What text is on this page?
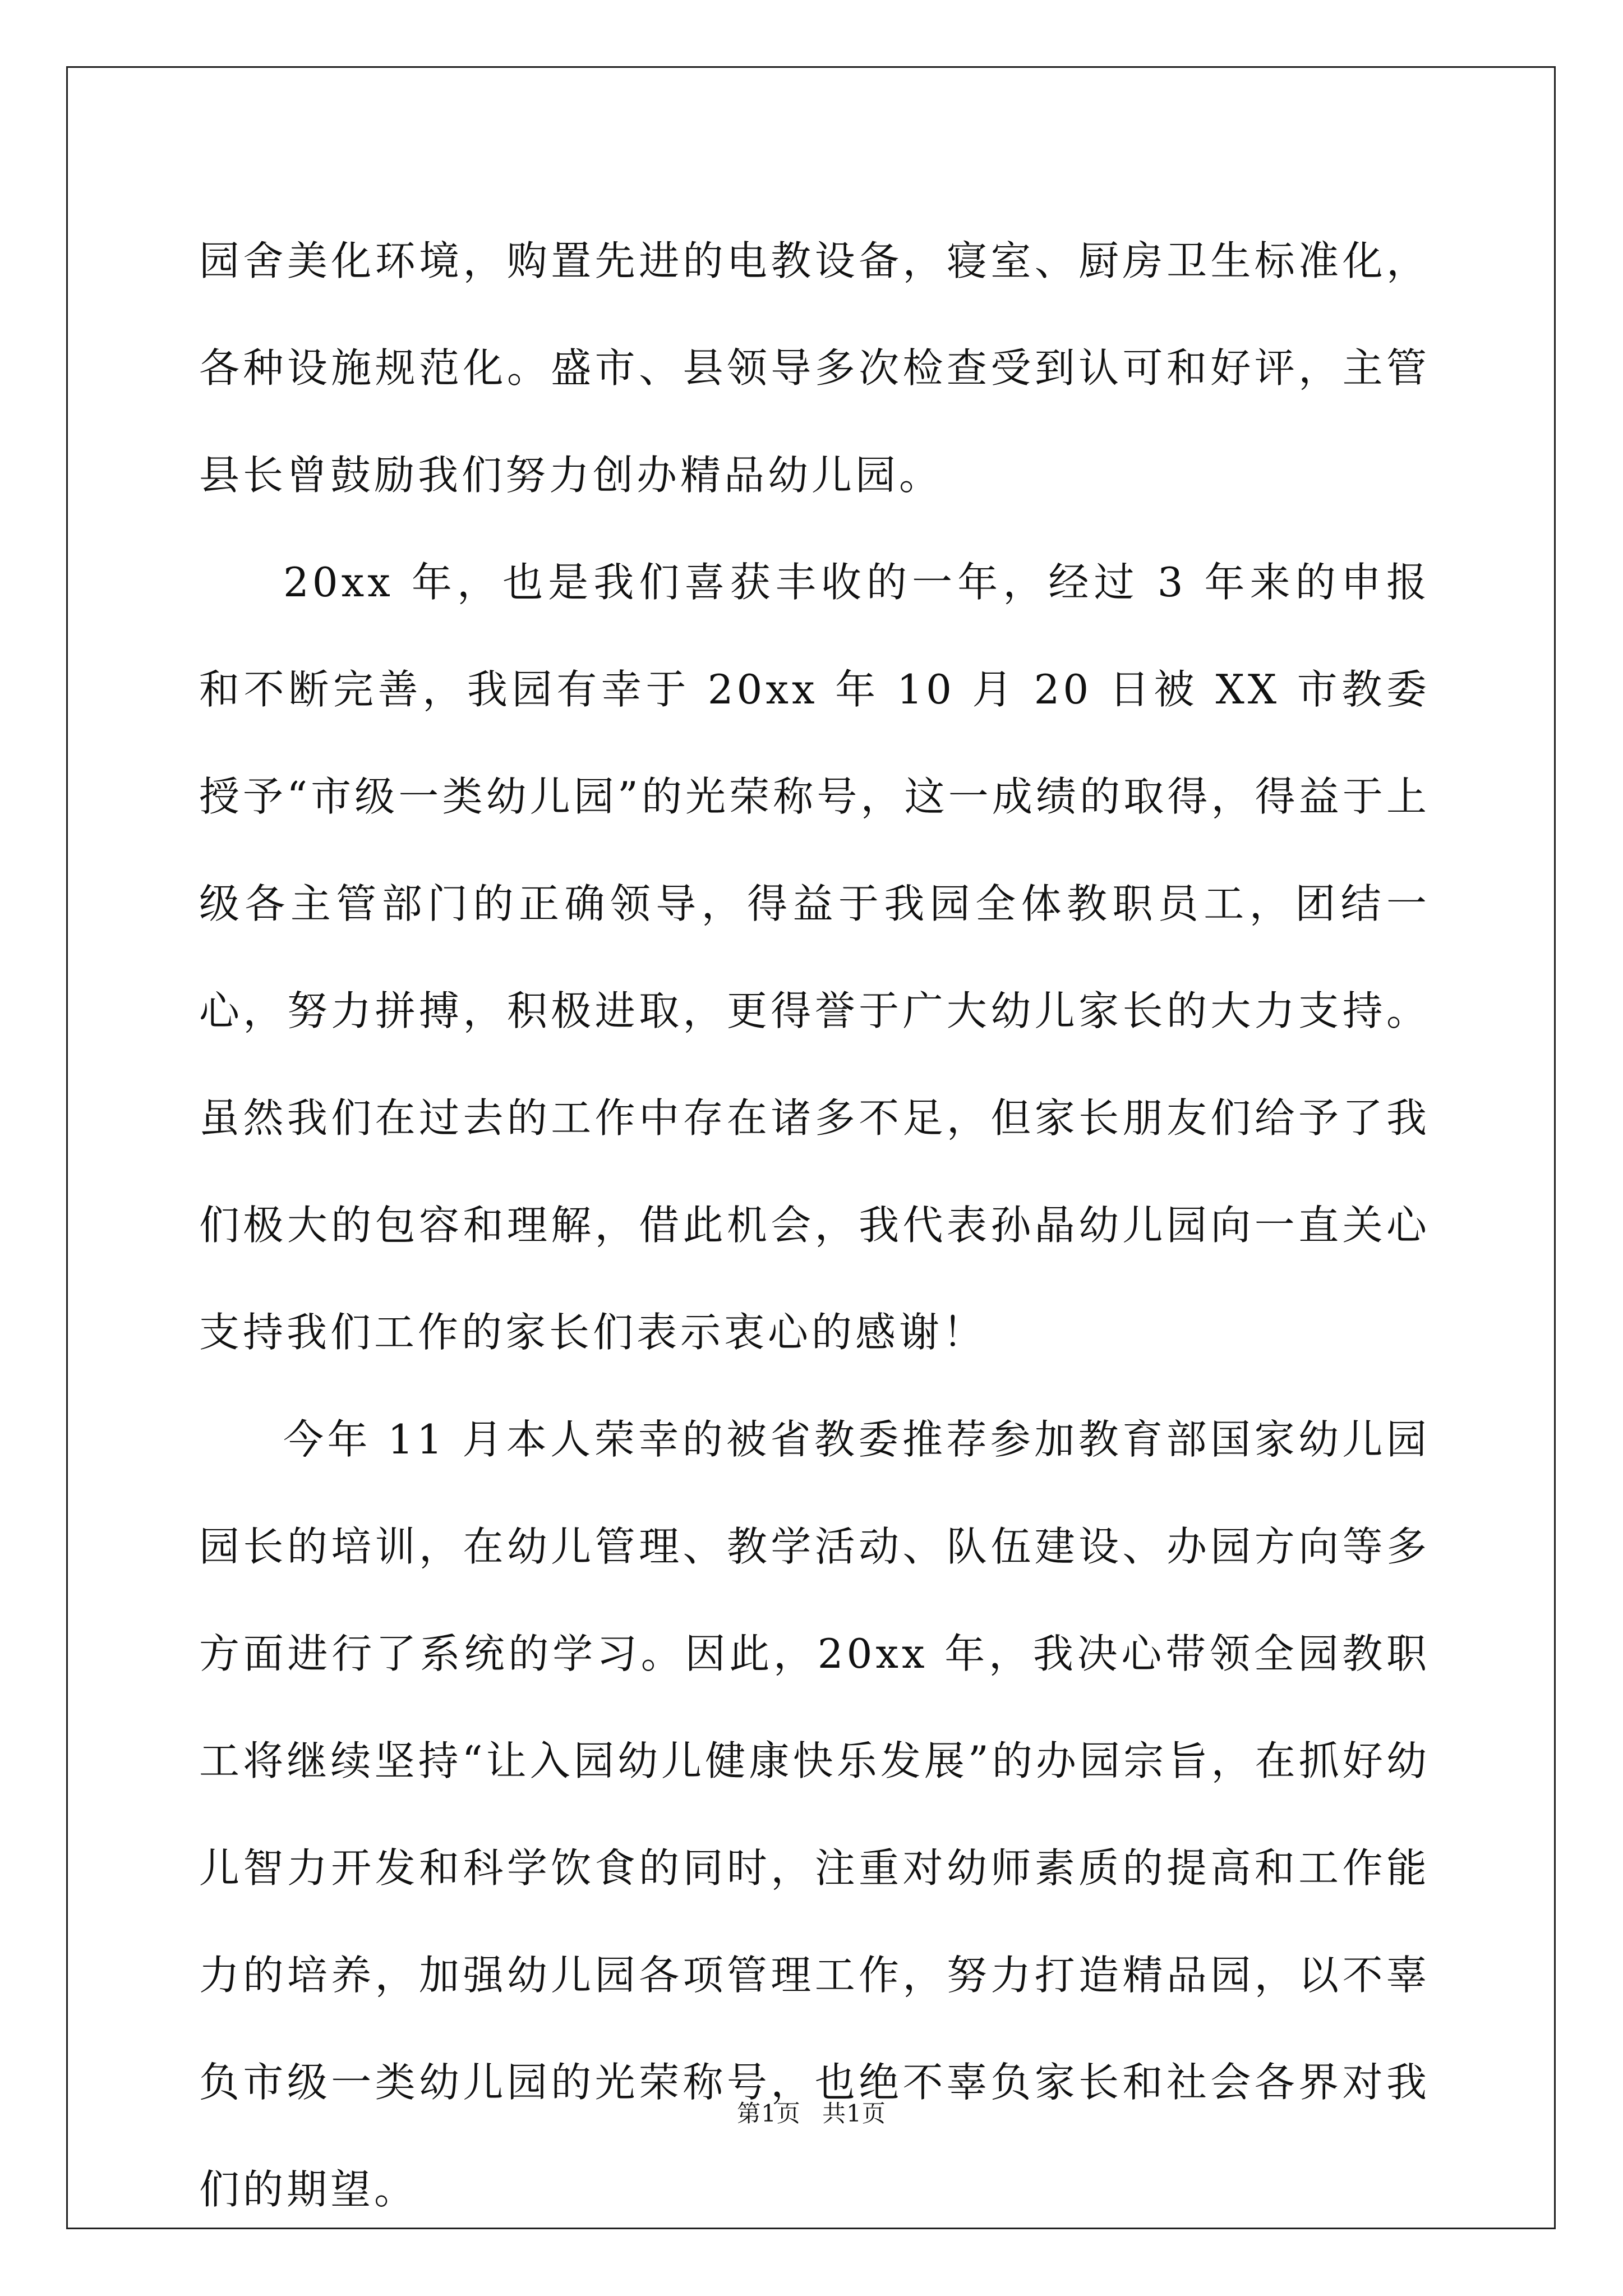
园舍美化环境，购置先进的电教设备，寝室、厨房卫生标准化，各种设施规范化。盛市、县领导多次检查受到认可和好评，主管县长曾鼓励我们努力创办精品幼儿园。

20xx 年，也是我们喜获丰收的一年，经过 3 年来的申报和不断完善，我园有幸于 20xx 年 10 月 20 日被 XX 市教委授予“市级一类幼儿园”的光荣称号，这一成绩的取得，得益于上级各主管部门的正确领导，得益于我园全体教职员工，团结一心，努力拼搏，积极进取，更得誉于广大幼儿家长的大力支持。虽然我们在过去的工作中存在诸多不足，但家长朋友们给予了我们极大的包容和理解，借此机会，我代表孙晶幼儿园向一直关心支持我们工作的家长们表示衷心的感谢！

今年 11 月本人荣幸的被省教委推荐参加教育部国家幼儿园园长的培训，在幼儿管理、教学活动、队伍建设、办园方向等多方面进行了系统的学习。因此，20xx 年，我决心带领全园教职工将继续坚持“让入园幼儿健康快乐发展”的办园宗旨，在抓好幼儿智力开发和科学饮食的同时，注重对幼师素质的提高和工作能力的培养，加强幼儿园各项管理工作，努力打造精品园，以不辜负市级一类幼儿园的光荣称号，也绝不辜负家长和社会各界对我们的期望。

第1页 共1页
